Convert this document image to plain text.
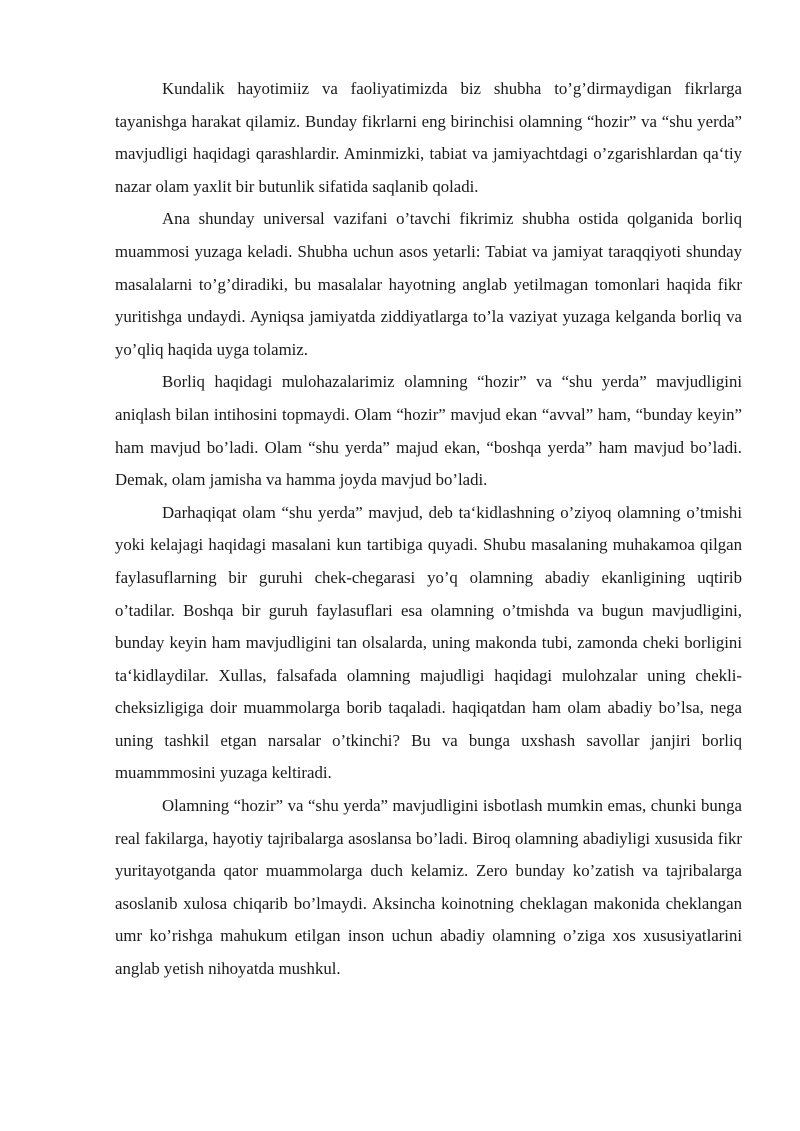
Kundalik hayotimiiz va faoliyatimizda biz shubha to’g’dirmaydigan fikrlarga tayanishga harakat qilamiz. Bunday fikrlarni eng birinchisi olamning “hozir” va “shu yerda” mavjudligi haqidagi qarashlardir. Aminmizki, tabiat va jamiyachtdagi o’zgarishlardan qa‘tiy nazar olam yaxlit bir butunlik sifatida saqlanib qoladi.

Ana shunday universal vazifani o’tavchi fikrimiz shubha ostida qolganida borliq muammosi yuzaga keladi. Shubha uchun asos yetarli: Tabiat va jamiyat taraqqiyoti shunday masalalarni to’g’diradiki, bu masalalar hayotning anglab yetilmagan tomonlari haqida fikr yuritishga undaydi. Ayniqsa jamiyatda ziddiyatlarga to’la vaziyat yuzaga kelganda borliq va yo’qliq haqida uyga tolamiz.

Borliq haqidagi mulohazalarimiz olamning “hozir” va “shu yerda” mavjudligini aniqlash bilan intihosini topmaydi. Olam “hozir” mavjud ekan “avval” ham, “bunday keyin” ham mavjud bo’ladi. Olam “shu yerda” majud ekan, “boshqa yerda” ham mavjud bo’ladi. Demak, olam jamisha va hamma joyda mavjud bo’ladi.

Darhaqiqat olam “shu yerda” mavjud, deb ta‘kidlashning o’ziyoq olamning o’tmishi yoki kelajagi haqidagi masalani kun tartibiga quyadi. Shubu masalaning muhakamoa qilgan faylasuflarning bir guruhi chek-chegarasi yo’q olamning abadiy ekanligining uqtirib o’tadilar. Boshqa bir guruh faylasuflari esa olamning o’tmishda va bugun mavjudligini, bunday keyin ham mavjudligini tan olsalarda, uning makonda tubi, zamonda cheki borligini ta‘kidlaydilar. Xullas, falsafada olamning majudligi haqidagi mulohzalar uning chekli-cheksizligiga doir muammolarga borib taqaladi. haqiqatdan ham olam abadiy bo’lsa, nega uning tashkil etgan narsalar o’tkinchi? Bu va bunga uxshash savollar janjiri borliq muammmosini yuzaga keltiradi.

Olamning “hozir” va “shu yerda” mavjudligini isbotlash mumkin emas, chunki bunga real fakilarga, hayotiy tajribalarga asoslansa bo’ladi. Biroq olamning abadiyligi xususida fikr yuritayotganda qator muammolarga duch kelamiz. Zero bunday ko’zatish va tajribalarga asoslanib xulosa chiqarib bo’lmaydi. Aksincha koinotning cheklagan makonida cheklangan umr ko’rishga mahukum etilgan inson uchun abadiy olamning o’ziga xos xususiyatlarini anglab yetish nihoyatda mushkul.
